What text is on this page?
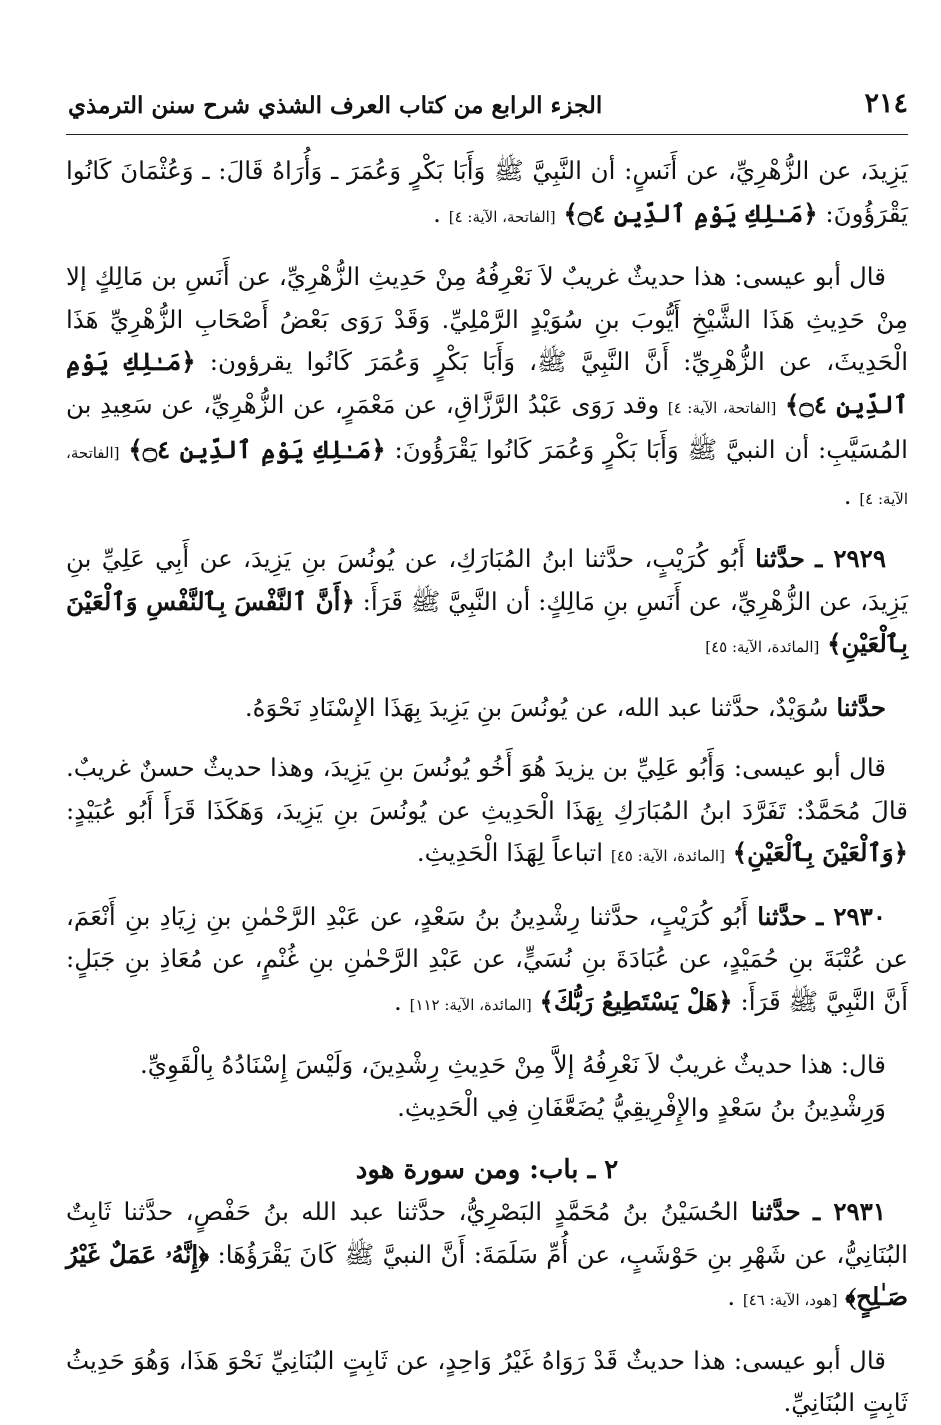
٢١٤
الجزء الرابع من كتاب العرف الشذي شرح سنن الترمذي

يَزِيدَ، عن الزُّهْرِيِّ، عن أَنَسٍ: أن النَّبِيَّ ﷺ وَأَبَا بَكْرٍ وَعُمَرَ ـ وَأُرَاهُ قَالَ: ـ وَعُثْمَانَ كَانُوا يَقْرَؤُونَ: ﴿مَـٰلِكِ يَوْمِ ٱلدِّينِ ۝٤﴾ [الفاتحة، الآية: ٤] .

قال أبو عيسى: هذا حديثٌ غريبٌ لاَ نَعْرِفُهُ مِنْ حَدِيثِ الزُّهْرِيِّ، عن أَنَسِ بن مَالِكٍ إلا مِنْ حَدِيثِ هَذَا الشَّيْخِ أَيُّوبَ بنِ سُوَيْدٍ الرَّمْلِيِّ. وَقَدْ رَوَى بَعْضُ أَصْحَابِ الزُّهْرِيِّ هَذَا الْحَدِيثَ، عن الزُّهْرِيِّ: أَنَّ النَّبِيَّ ﷺ، وَأَبَا بَكْرٍ وَعُمَرَ كَانُوا يقرؤون: ﴿مَـٰلِكِ يَوْمِ ٱلدِّينِ ۝٤﴾ [الفاتحة، الآية: ٤] وقد رَوَى عَبْدُ الرَّزَّاقِ، عن مَعْمَرٍ، عن الزُّهْرِيِّ، عن سَعِيدِ بن المُسَيَّبِ: أن النبيَّ ﷺ وَأَبَا بَكْرٍ وَعُمَرَ كَانُوا يَقْرَؤُونَ: ﴿مَـٰلِكِ يَوْمِ ٱلدِّينِ ۝٤﴾ [الفاتحة، الآية: ٤] .

٢٩٢٩ ـ حدَّثنا أَبُو كُرَيْبٍ، حدَّثنا ابنُ المُبَارَكِ، عن يُونُسَ بنِ يَزِيدَ، عن أَبِي عَلِيِّ بنِ يَزِيدَ، عن الزُّهْرِيِّ، عن أَنَسِ بنِ مَالِكٍ: أن النَّبِيَّ ﷺ قَرَأَ: ﴿أَنَّ ٱلنَّفْسَ بِٱلنَّفْسِ وَٱلْعَيْنَ بِٱلْعَيْنِ﴾ [المائدة، الآية: ٤٥]

حدَّثنا سُوَيْدٌ، حدَّثنا عبد الله، عن يُونُسَ بنِ يَزِيدَ بِهَذَا الإِسْنَادِ نَحْوَهُ.

قال أبو عيسى: وَأَبُو عَلِيِّ بن يزيدَ هُوَ أَخُو يُونُسَ بنِ يَزِيدَ، وهذا حديثٌ حسنٌ غريبٌ. قالَ مُحَمَّدٌ: تَفَرَّدَ ابنُ المُبَارَكِ بِهَذَا الْحَدِيثِ عن يُونُسَ بنِ يَزِيدَ، وَهَكَذَا قَرَأَ أَبُو عُبَيْدٍ: ﴿وَٱلْعَيْنَ بِٱلْعَيْنِ﴾ [المائدة، الآية: ٤٥] اتباعاً لِهَذَا الْحَدِيثِ.

٢٩٣٠ ـ حدَّثنا أَبُو كُرَيْبٍ، حدَّثنا رِشْدِينُ بنُ سَعْدٍ، عن عَبْدِ الرَّحْمٰنِ بنِ زِيَادِ بنِ أَنْعَمَ، عن عُتْبَةَ بنِ حُمَيْدٍ، عن عُبَادَةَ بنِ نُسَيٍّ، عن عَبْدِ الرَّحْمٰنِ بنِ غُنْمٍ، عن مُعَاذِ بنِ جَبَلٍ: أَنَّ النَّبِيَّ ﷺ قَرَأَ: ﴿هَلْ يَسْتَطِيعُ رَبُّكَ﴾ [المائدة، الآية: ١١٢] .

قال: هذا حديثٌ غريبٌ لاَ نَعْرِفُهُ إلاَّ مِنْ حَدِيثِ رِشْدِينَ، وَلَيْسَ إِسْنَادُهُ بِالْقَوِيِّ.

وَرِشْدِينُ بنُ سَعْدٍ والإِفْرِيقِيُّ يُضَعَّفَانِ فِي الْحَدِيثِ.

٢ ـ باب: ومن سورة هود

٢٩٣١ ـ حدَّثنا الحُسَيْنُ بنُ مُحَمَّدٍ البَصْرِيُّ، حدَّثنا عبد الله بنُ حَفْصٍ، حدَّثنا ثَابِتٌ البُنَانِيُّ، عن شَهْرِ بنِ حَوْشَبٍ، عن أُمِّ سَلَمَةَ: أَنَّ النبيَّ ﷺ كَانَ يَقْرَؤُهَا: ﴿إِنَّهُۥ عَمَلٌ غَيْرُ صَـٰلِحٍ﴾ [هود، الآية: ٤٦] .

قال أبو عيسى: هذا حديثٌ قَدْ رَوَاهُ غَيْرُ وَاحِدٍ، عن ثَابِتٍ البُنَانِيِّ نَحْوَ هَذَا، وَهُوَ حَدِيثُ ثَابِتٍ البُنَانِيِّ.
